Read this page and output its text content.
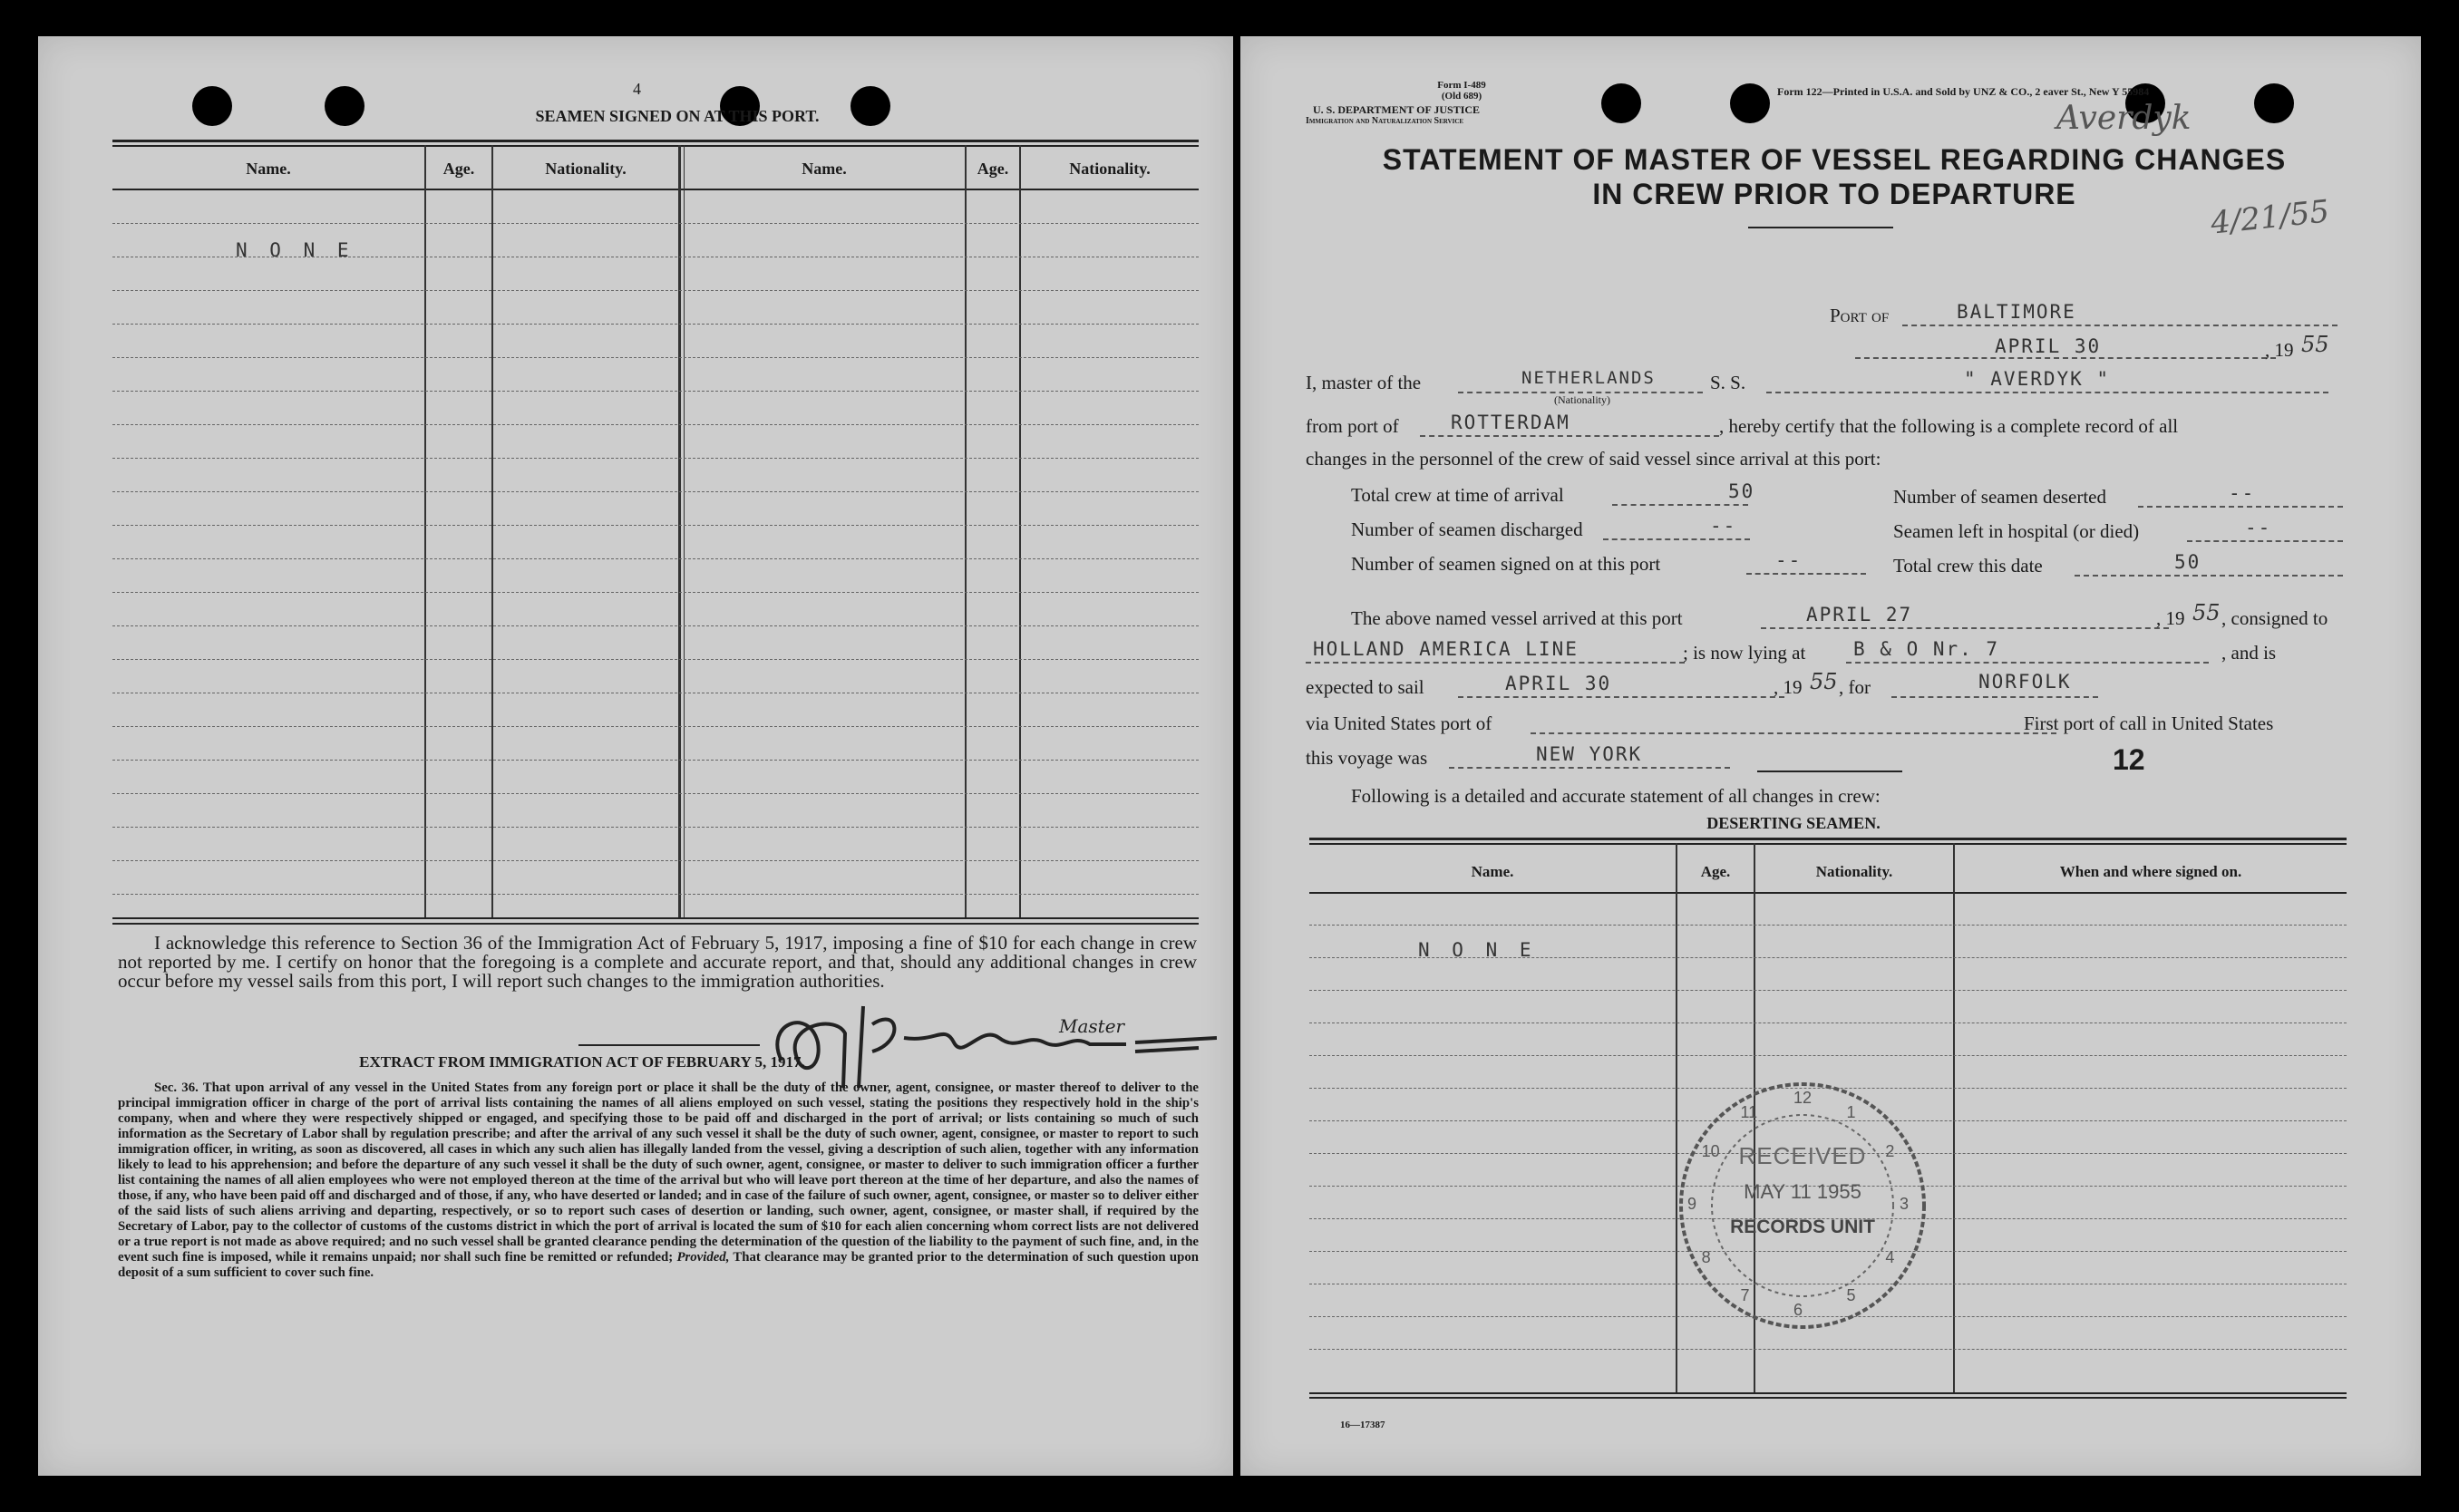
4
SEAMEN SIGNED ON AT THIS PORT.
Name.	Age.	Nationality.	Name.	Age.	Nationality.
N O N E
I acknowledge this reference to Section 36 of the Immigration Act of February 5, 1917, imposing a fine of $10 for each change in crew not reported by me. I certify on honor that the foregoing is a complete and accurate report, and that, should any additional changes in crew occur before my vessel sails from this port, I will report such changes to the immigration authorities.
Master
EXTRACT FROM IMMIGRATION ACT OF FEBRUARY 5, 1917.
Sec. 36. That upon arrival of any vessel in the United States from any foreign port or place it shall be the duty of the owner, agent, consignee, or master thereof to deliver to the principal immigration officer in charge of the port of arrival lists containing the names of all aliens employed on such vessel, stating the positions they respectively hold in the ship's company, when and where they were respectively shipped or engaged, and specifying those to be paid off and discharged in the port of arrival; or lists containing so much of such information as the Secretary of Labor shall by regulation prescribe; and after the arrival of any such vessel it shall be the duty of such owner, agent, consignee, or master to report to such immigration officer, in writing, as soon as discovered, all cases in which any such alien has illegally landed from the vessel, giving a description of such alien, together with any information likely to lead to his apprehension; and before the departure of any such vessel it shall be the duty of such owner, agent, consignee, or master to deliver to such immigration officer a further list containing the names of all alien employees who were not employed thereon at the time of the arrival but who will leave port thereon at the time of her departure, and also the names of those, if any, who have been paid off and discharged and of those, if any, who have deserted or landed; and in case of the failure of such owner, agent, consignee, or master so to deliver either of the said lists of such aliens arriving and departing, respectively, or so to report such cases of desertion or landing, such owner, agent, consignee, or master shall, if required by the Secretary of Labor, pay to the collector of customs of the customs district in which the port of arrival is located the sum of $10 for each alien concerning whom correct lists are not delivered or a true report is not made as above required; and no such vessel shall be granted clearance pending the determination of the question of the liability to the payment of such fine, and, in the event such fine is imposed, while it remains unpaid; nor shall such fine be remitted or refunded; Provided, That clearance may be granted prior to the determination of such question upon deposit of a sum sufficient to cover such fine.
Form I-489
(Old 689)
U. S. DEPARTMENT OF JUSTICE
Immigration and Naturalization Service
Form 122—Printed in U.S.A. and Sold by UNZ & CO., 2 eaver St., New Y 55984
Averdyk
4/21/55
STATEMENT OF MASTER OF VESSEL REGARDING CHANGES
IN CREW PRIOR TO DEPARTURE
Port of	BALTIMORE
APRIL 30	, 19 55
I, master of the	NETHERLANDS
(Nationality)
S. S.	" AVERDYK "
from port of	ROTTERDAM	, hereby certify that the following is a complete record of all
changes in the personnel of the crew of said vessel since arrival at this port:
Total crew at time of arrival	50	Number of seamen deserted	--
Number of seamen discharged	--	Seamen left in hospital (or died)	--
Number of seamen signed on at this port	--	Total crew this date	50
The above named vessel arrived at this port	APRIL 27	, 19 55 , consigned to
HOLLAND AMERICA LINE	; is now lying at	B & O Nr. 7	, and is
expected to sail	APRIL 30	, 19 55 , for	NORFOLK
via United States port of	First port of call in United States
this voyage was	NEW YORK	12
Following is a detailed and accurate statement of all changes in crew:
DESERTING SEAMEN.
Name.	Age.	Nationality.	When and where signed on.
N O N E
12
1
2
3
4
5
6
7
8
9
10
11
RECEIVED
MAY 11 1955
RECORDS UNIT
16—17387
